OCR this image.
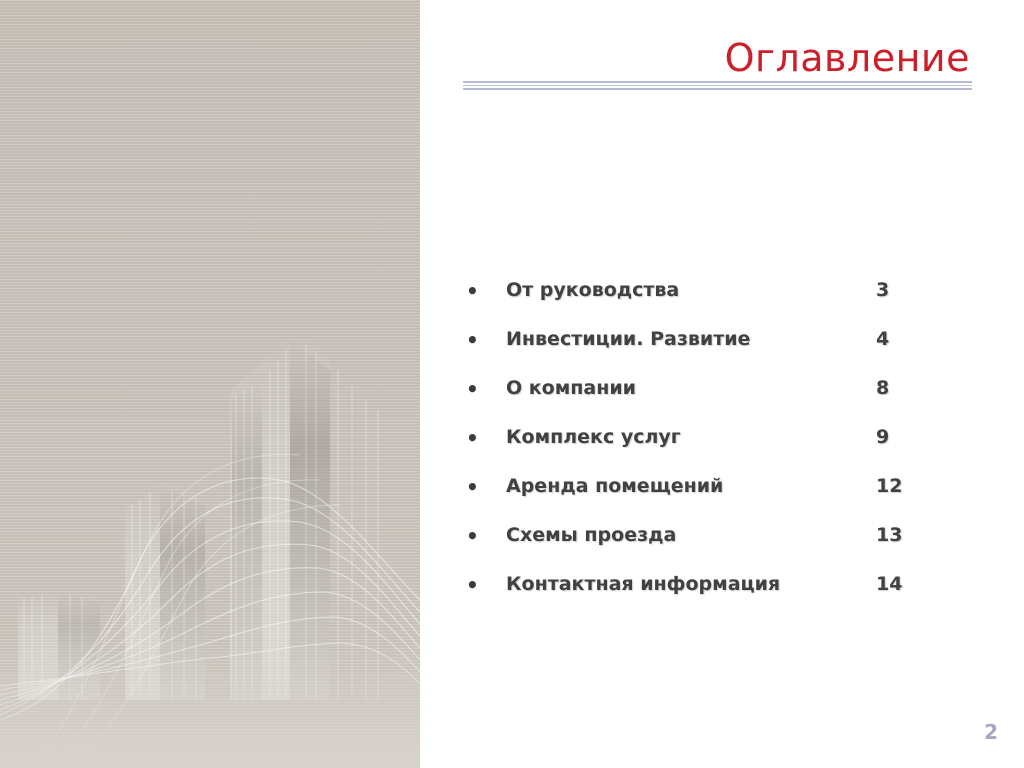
Оглавление
• От руководства	3
• Инвестиции. Развитие	4
• О компании	8
• Комплекс услуг	9
• Аренда помещений	12
• Схемы проезда	13
• Контактная информация	14
2
